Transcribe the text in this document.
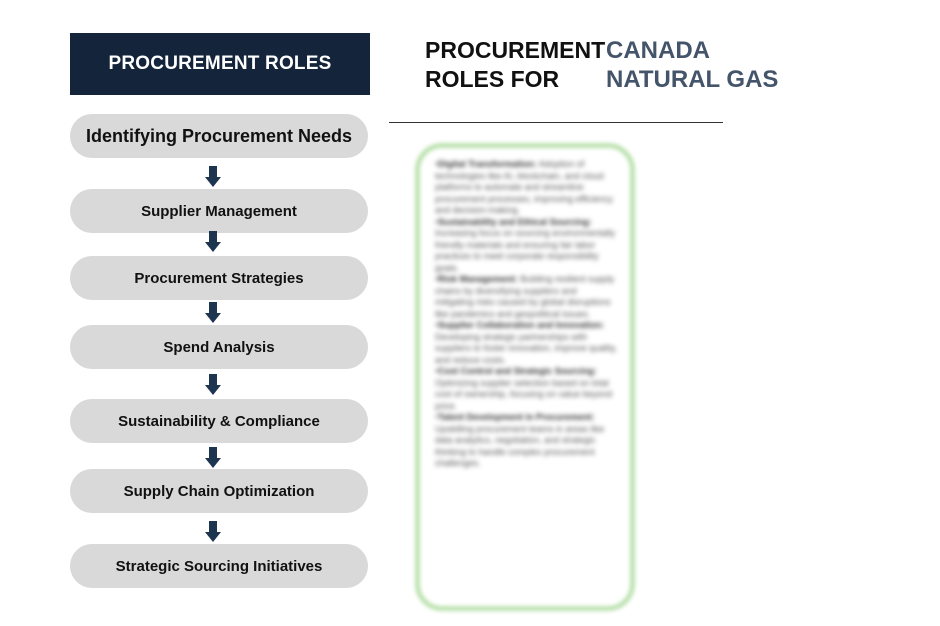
PROCUREMENT ROLES
Identifying Procurement Needs
Supplier Management
Procurement Strategies
Spend Analysis
Sustainability & Compliance
Supply Chain Optimization
Strategic Sourcing Initiatives
PROCUREMENT
ROLES FOR
CANADA
NATURAL GAS

•Digital Transformation: Adoption of technologies like AI, blockchain, and cloud platforms to automate and streamline procurement processes, improving efficiency and decision-making.

•Sustainability and Ethical Sourcing: Increasing focus on sourcing environmentally friendly materials and ensuring fair labor practices to meet corporate responsibility goals.

•Risk Management: Building resilient supply chains by diversifying suppliers and mitigating risks caused by global disruptions like pandemics and geopolitical issues.

•Supplier Collaboration and Innovation: Developing strategic partnerships with suppliers to foster innovation, improve quality, and reduce costs.

•Cost Control and Strategic Sourcing: Optimizing supplier selection based on total cost of ownership, focusing on value beyond price.

•Talent Development in Procurement: Upskilling procurement teams in areas like data analytics, negotiation, and strategic thinking to handle complex procurement challenges.
